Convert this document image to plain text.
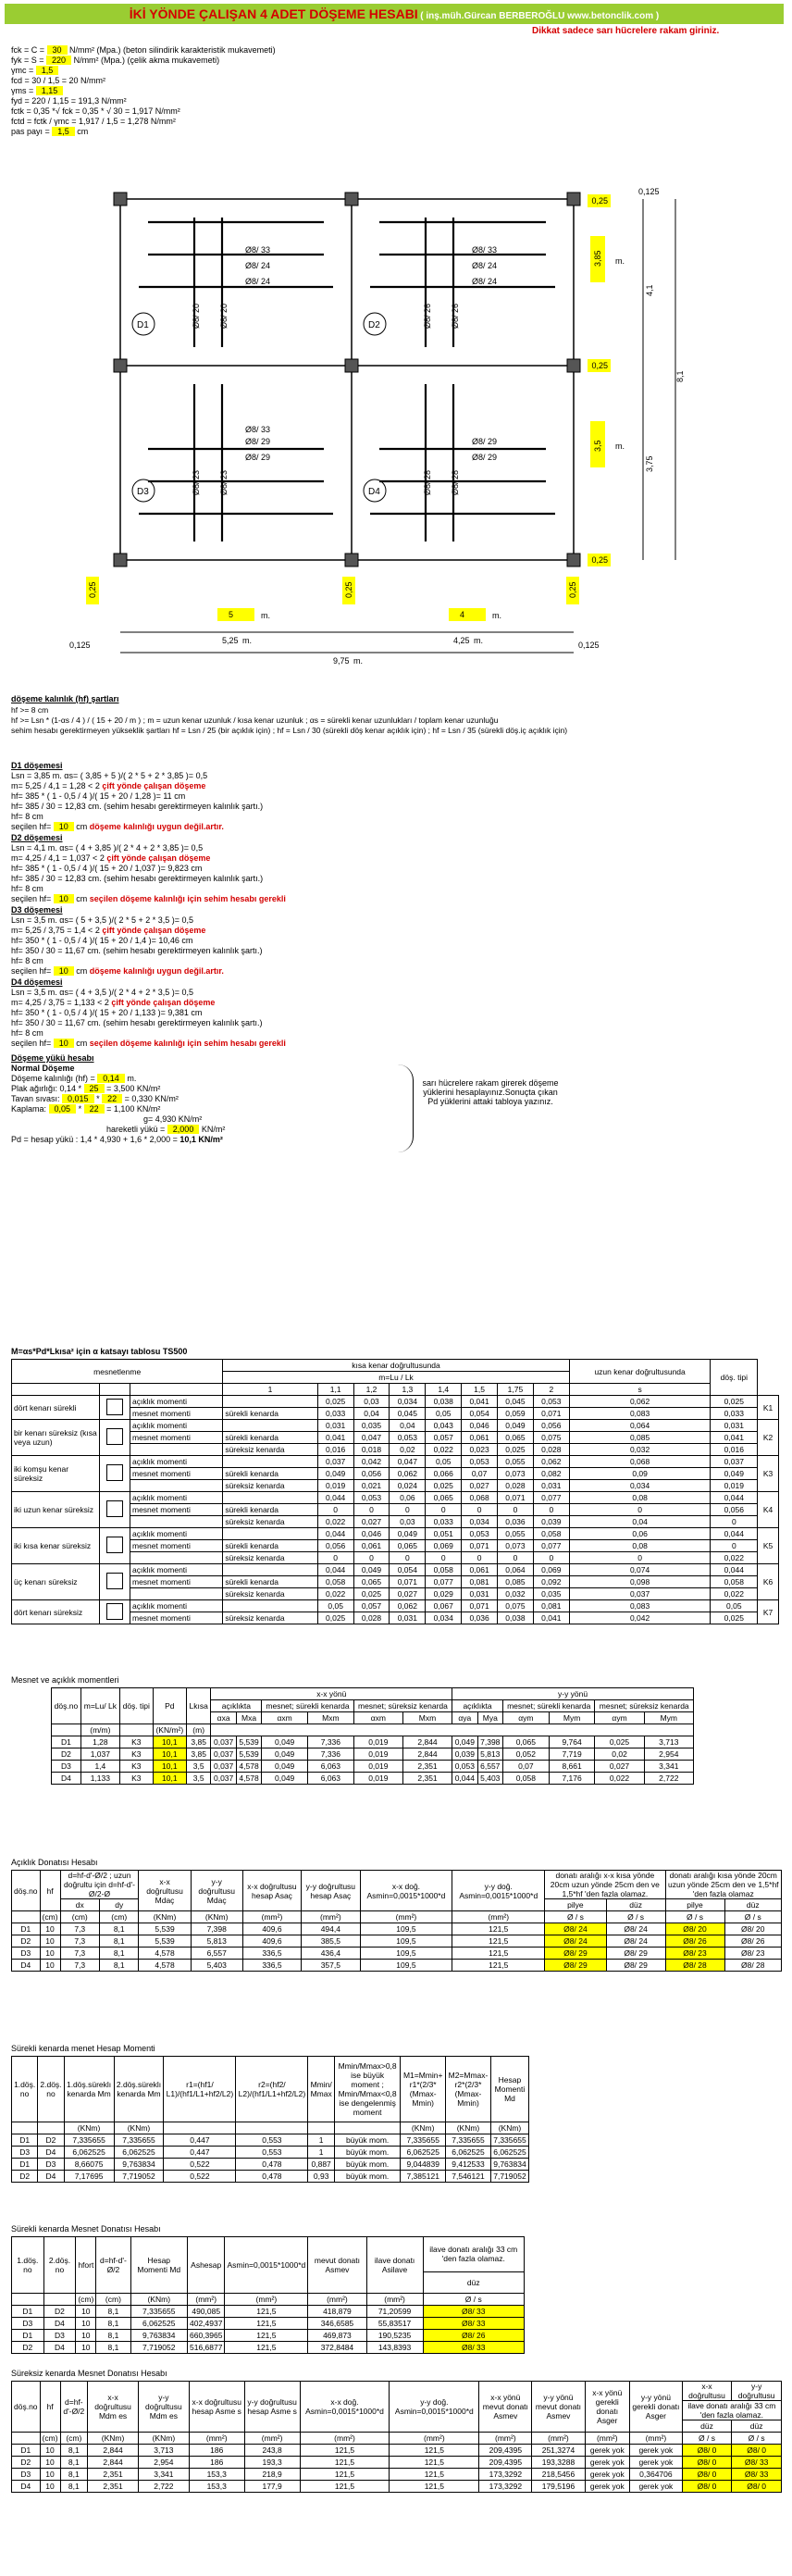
İKİ YÖNDE ÇALIŞAN 4 ADET DÖŞEME HESABI ( inş.müh.Gürcan BERBEROĞLU www.betonclik.com )
Dikkat sadece sarı hücrelere rakam giriniz.
fck = C = 30 N/mm² (Mpa.) (beton silindirik karakteristik mukavemeti)
fyk = S = 220 N/mm² (Mpa.) (çelik akma mukavemeti)
γmc = 1,5
fcd = 30 / 1,5 = 20 N/mm²
γms = 1,15
fyd = 220 / 1,15 = 191,3 N/mm²
fctk = 0,35 *√ fck = 0,35 * √ 30 = 1,917 N/mm²
fctd = fctk / γmc = 1,917 / 1,5 = 1,278 N/mm²
pas payı = 1,5 cm
Ø8/ 33
Ø8/ 24
Ø8/ 24
Ø8/ 33
Ø8/ 24
Ø8/ 24
Ø8/ 29
Ø8/ 29
Ø8/ 33
Ø8/ 29
Ø8/ 29
Ø8/ 20 Ø8/ 20	Ø8/ 26 Ø8/ 26
Ø8/ 23 Ø8/ 23	Ø8/ 28 Ø8/ 28
D1	D2
D3	D4
0,25
0,25
0,25
3,85
3,5
m.
m.
4,1
3,75
8,1
0,125
0,25	0,25	0,25
5	4
m.	m.
5,25 m.	4,25 m.
9,75 m.
0,125	0,125
döşeme kalınlık (hf) şartları
hf >= 8 cm
hf >= Lsn * (1-αs / 4 ) / ( 15 + 20 / m ) ; m = uzun kenar uzunluk / kısa kenar uzunluk ; αs = sürekli kenar uzunlukları / toplam kenar uzunluğu
sehim hesabı gerektirmeyen yükseklik şartları hf = Lsn / 25 (bir açıklık için) ; hf = Lsn / 30 (sürekli döş kenar açıklık için) ; hf = Lsn / 35 (sürekli döş.iç açıklık için)
D1 döşemesi
Lsn = 3,85 m. αs= ( 3,85 + 5 )/( 2 * 5 + 2 * 3,85 )= 0,5
m= 5,25 / 4,1 = 1,28 < 2 çift yönde çalışan döşeme
hf= 385 * ( 1 - 0,5 / 4 )/( 15 + 20 / 1,28 )= 11 cm
hf= 385 / 30 = 12,83 cm. (sehim hesabı gerektirmeyen kalınlık şartı.)
hf= 8 cm
seçilen hf= 10 cm döşeme kalınlığı uygun değil.artır.
D2 döşemesi
Lsn = 4,1 m. αs= ( 4 + 3,85 )/( 2 * 4 + 2 * 3,85 )= 0,5
m= 4,25 / 4,1 = 1,037 < 2 çift yönde çalışan döşeme
hf= 385 * ( 1 - 0,5 / 4 )/( 15 + 20 / 1,037 )= 9,823 cm
hf= 385 / 30 = 12,83 cm. (sehim hesabı gerektirmeyen kalınlık şartı.)
hf= 8 cm
seçilen hf= 10 cm seçilen döşeme kalınlığı için sehim hesabı gerekli
D3 döşemesi
Lsn = 3,5 m. αs= ( 5 + 3,5 )/( 2 * 5 + 2 * 3,5 )= 0,5
m= 5,25 / 3,75 = 1,4 < 2 çift yönde çalışan döşeme
hf= 350 * ( 1 - 0,5 / 4 )/( 15 + 20 / 1,4 )= 10,46 cm
hf= 350 / 30 = 11,67 cm. (sehim hesabı gerektirmeyen kalınlık şartı.)
hf= 8 cm
seçilen hf= 10 cm döşeme kalınlığı uygun değil.artır.
D4 döşemesi
Lsn = 3,5 m. αs= ( 4 + 3,5 )/( 2 * 4 + 2 * 3,5 )= 0,5
m= 4,25 / 3,75 = 1,133 < 2 çift yönde çalışan döşeme
hf= 350 * ( 1 - 0,5 / 4 )/( 15 + 20 / 1,133 )= 9,381 cm
hf= 350 / 30 = 11,67 cm. (sehim hesabı gerektirmeyen kalınlık şartı.)
hf= 8 cm
seçilen hf= 10 cm seçilen döşeme kalınlığı için sehim hesabı gerekli
Döşeme yükü hesabı
Normal Döşeme
Döşeme kalınlığı (hf) = 0,14 m.
Plak ağırlığı: 0,14 * 25 = 3,500 KN/m²
Tavan sıvası: 0,015 * 22 = 0,330 KN/m²
Kaplama: 0,05 * 22 = 1,100 KN/m²
g= 4,930 KN/m²
hareketli yükü = 2,000 KN/m²
Pd = hesap yükü : 1,4 * 4,930 + 1,6 * 2,000 = 10,1 KN/m²
sarı hücrelere rakam girerek döşeme yüklerini hesaplayınız.Sonuçta çıkan Pd yüklerini attaki tabloya yazınız.
M=αs*Pd*Lkısa² için α katsayı tablosu TS500
mesnetlenme			kısa kenar doğrultusunda								uzun kenar doğrultusunda	döş. tipi	
			m=Lu / Lk										
			1	1,1	1,2	1,3	1,4	1,5	1,75	2	s		
dört kenarı sürekli		açıklık momenti		0,025	0,03	0,034	0,038	0,041	0,045	0,053	0,062	0,025	K1
		mesnet momenti	sürekli kenarda	0,033	0,04	0,045	0,05	0,054	0,059	0,071	0,083	0,033	
bir kenarı süreksiz (kısa veya uzun)		açıklık momenti		0,031	0,035	0,04	0,043	0,046	0,049	0,056	0,064	0,031	K2
		mesnet momenti	sürekli kenarda	0,041	0,047	0,053	0,057	0,061	0,065	0,075	0,085	0,041	
			süreksiz kenarda	0,016	0,018	0,02	0,022	0,023	0,025	0,028	0,032	0,016	
iki komşu kenar süreksiz		açıklık momenti		0,037	0,042	0,047	0,05	0,053	0,055	0,062	0,068	0,037	K3
		mesnet momenti	sürekli kenarda	0,049	0,056	0,062	0,066	0,07	0,073	0,082	0,09	0,049	
			süreksiz kenarda	0,019	0,021	0,024	0,025	0,027	0,028	0,031	0,034	0,019	
iki uzun kenar süreksiz		açıklık momenti		0,044	0,053	0,06	0,065	0,068	0,071	0,077	0,08	0,044	K4
		mesnet momenti	sürekli kenarda	0	0	0	0	0	0	0	0	0,056	
			süreksiz kenarda	0,022	0,027	0,03	0,033	0,034	0,036	0,039	0,04	0	
iki kısa kenar süreksiz		açıklık momenti		0,044	0,046	0,049	0,051	0,053	0,055	0,058	0,06	0,044	K5
		mesnet momenti	sürekli kenarda	0,056	0,061	0,065	0,069	0,071	0,073	0,077	0,08	0	
			süreksiz kenarda	0	0	0	0	0	0	0	0	0,022	
üç kenarı süreksiz		açıklık momenti		0,044	0,049	0,054	0,058	0,061	0,064	0,069	0,074	0,044	K6
		mesnet momenti	sürekli kenarda	0,058	0,065	0,071	0,077	0,081	0,085	0,092	0,098	0,058	
			süreksiz kenarda	0,022	0,025	0,027	0,029	0,031	0,032	0,035	0,037	0,022	
dört kenarı süreksiz		açıklık momenti		0,05	0,057	0,062	0,067	0,071	0,075	0,081	0,083	0,05	K7
		mesnet momenti	süreksiz kenarda	0,025	0,028	0,031	0,034	0,036	0,038	0,041	0,042	0,025	
Mesnet ve açıklık momentleri
döş.no	m=Lu/ Lk	döş. tipi	Pd	Lkısa	x-x yönü						y-y yönü					
					açıklıkta		mesnet; sürekli kenarda		mesnet; süreksiz kenarda		açıklıkta		mesnet; sürekli kenarda		mesnet; süreksiz kenarda	
					αxa	Mxa	αxm	Mxm	αxm	Mxm	αya	Mya	αym	Mym	αym	Mym
	(m/m)		(KN/m²)	(m)												
D1	1,28	K3	10,1	3,85	0,037	5,539	0,049	7,336	0,019	2,844	0,049	7,398	0,065	9,764	0,025	3,713
D2	1,037	K3	10,1	3,85	0,037	5,539	0,049	7,336	0,019	2,844	0,039	5,813	0,052	7,719	0,02	2,954
D3	1,4	K3	10,1	3,5	0,037	4,578	0,049	6,063	0,019	2,351	0,053	6,557	0,07	8,661	0,027	3,341
D4	1,133	K3	10,1	3,5	0,037	4,578	0,049	6,063	0,019	2,351	0,044	5,403	0,058	7,176	0,022	2,722
Açıklık Donatısı Hesabı
döş.no	hf	d=hf-d'-Ø/2 ; uzun doğrultu için d=hf-d'-Ø/2-Ø		x-x doğrultusu Mdaç	y-y doğrultusu Mdaç	x-x doğrultusu hesap Asaç	y-y doğrultusu hesap Asaç	x-x doğ. Asmin=0,0015*1000*d	y-y doğ. Asmin=0,0015*1000*d	donatı aralığı x-x kısa yönde 20cm uzun yönde 25cm den ve 1,5*hf 'den fazla olamaz.		donatı aralığı kısa yönde 20cm uzun yönde 25cm den ve 1,5*hf 'den fazla olamaz	
		dx	dy							pilye	düz	pilye	düz
	(cm)	(cm)	(cm)	(KNm)	(KNm)	(mm²)	(mm²)	(mm²)	(mm²)	Ø / s	Ø / s	Ø / s	Ø / s
D1	10	7,3	8,1	5,539	7,398	409,6	494,4	109,5	121,5	Ø8/ 24	Ø8/ 24	Ø8/ 20	Ø8/ 20
D2	10	7,3	8,1	5,539	5,813	409,6	385,5	109,5	121,5	Ø8/ 24	Ø8/ 24	Ø8/ 26	Ø8/ 26
D3	10	7,3	8,1	4,578	6,557	336,5	436,4	109,5	121,5	Ø8/ 29	Ø8/ 29	Ø8/ 23	Ø8/ 23
D4	10	7,3	8,1	4,578	5,403	336,5	357,5	109,5	121,5	Ø8/ 29	Ø8/ 29	Ø8/ 28	Ø8/ 28
Sürekli kenarda menet Hesap Momenti
1.döş. no	2.döş. no	1.döş.süreklı kenarda Mm	2.döş.süreklı kenarda Mm	r1=(hf1/ L1)/(hf1/L1+hf2/L2)	r2=(hf2/ L2)/(hf1/L1+hf2/L2)	Mmin/ Mmax	Mmin/Mmax>0,8 ise büyük moment ; Mmin/Mmax<0,8 ise dengelenmiş moment	M1=Mmin+ r1*(2/3*(Mmax-Mmin)	M2=Mmax-r2*(2/3*(Mmax-Mmin)	Hesap Momenti Md
		(KNm)	(KNm)					(KNm)	(KNm)	(KNm)
D1	D2	7,335655	7,335655	0,447	0,553	1	büyük mom.	7,335655	7,335655	7,335655
D3	D4	6,062525	6,062525	0,447	0,553	1	büyük mom.	6,062525	6,062525	6,062525
D1	D3	8,66075	9,763834	0,522	0,478	0,887	büyük mom.	9,044839	9,412533	9,763834
D2	D4	7,17695	7,719052	0,522	0,478	0,93	büyük mom.	7,385121	7,546121	7,719052
Sürekli kenarda Mesnet Donatısı Hesabı
1.döş. no	2.döş. no	hfort	d=hf-d'-Ø/2	Hesap Momenti Md	Ashesap	Asmin=0,0015*1000*d	mevut donatı Asmev	ilave donatı Asilave	ilave donatı aralığı 33 cm 'den fazla olamaz.
									düz
		(cm)	(cm)	(KNm)	(mm²)	(mm²)	(mm²)	(mm²)	Ø / s
D1	D2	10	8,1	7,335655	490,085	121,5	418,879	71,20599	Ø8/ 33
D3	D4	10	8,1	6,062525	402,4937	121,5	346,6585	55,83517	Ø8/ 33
D1	D3	10	8,1	9,763834	660,3965	121,5	469,873	190,5235	Ø8/ 26
D2	D4	10	8,1	7,719052	516,6877	121,5	372,8484	143,8393	Ø8/ 33
Süreksiz kenarda Mesnet Donatısı Hesabı
döş.no	hf	d=hf-d'-Ø/2	x-x doğrultusu Mdm es	y-y doğrultusu Mdm es	x-x doğrultusu hesap Asme s	y-y doğrultusu hesap Asme s	x-x doğ. Asmin=0,0015*1000*d	y-y doğ. Asmin=0,0015*1000*d	x-x yönü mevut donatı Asmev	y-y yönü mevut donatı Asmev	x-x yönü gerekli donatı Asger	y-y yönü gerekli donatı Asger	x-x doğrultusu	y-y doğrultusu
													ilave donatı aralığı 33 cm 'den fazla olamaz.	
													düz	düz
	(cm)	(cm)	(KNm)	(KNm)	(mm²)	(mm²)	(mm²)	(mm²)	(mm²)	(mm²)	(mm²)	(mm²)	Ø / s	Ø / s
D1	10	8,1	2,844	3,713	186	243,8	121,5	121,5	209,4395	251,3274	gerek yok	gerek yok	Ø8/ 0	Ø8/ 0
D2	10	8,1	2,844	2,954	186	193,3	121,5	121,5	209,4395	193,3288	gerek yok	gerek yok	Ø8/ 0	Ø8/ 33
D3	10	8,1	2,351	3,341	153,3	218,9	121,5	121,5	173,3292	218,5456	gerek yok	0,364706	Ø8/ 0	Ø8/ 33
D4	10	8,1	2,351	2,722	153,3	177,9	121,5	121,5	173,3292	179,5196	gerek yok	gerek yok	Ø8/ 0	Ø8/ 0
